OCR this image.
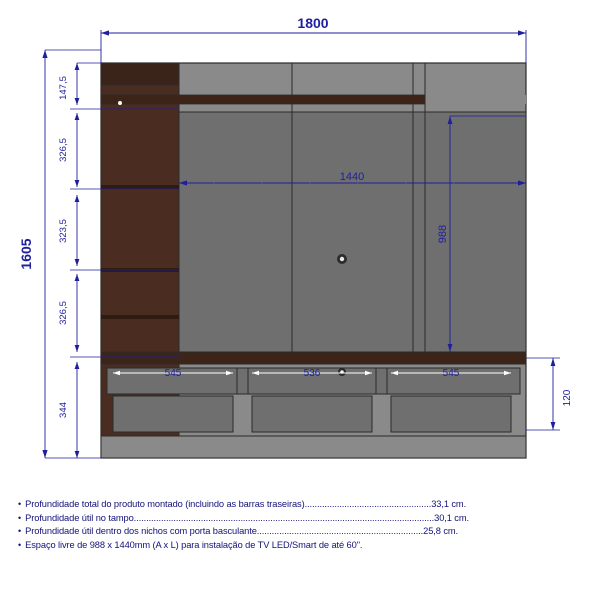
1800
1605
147,5
326,5
323,5
326,5
344
1440
988
545	536	545
120
• Profundidade total do produto montado (incluindo as barras traseiras)...................................................33,1 cm.
• Profundidade útil no tampo.........................................................................................................................30,1 cm.
• Profundidade útil dentro dos nichos com porta basculante...................................................................25,8 cm.
• Espaço livre de 988 x 1440mm (A x L) para instalação de TV LED/Smart de até 60".
